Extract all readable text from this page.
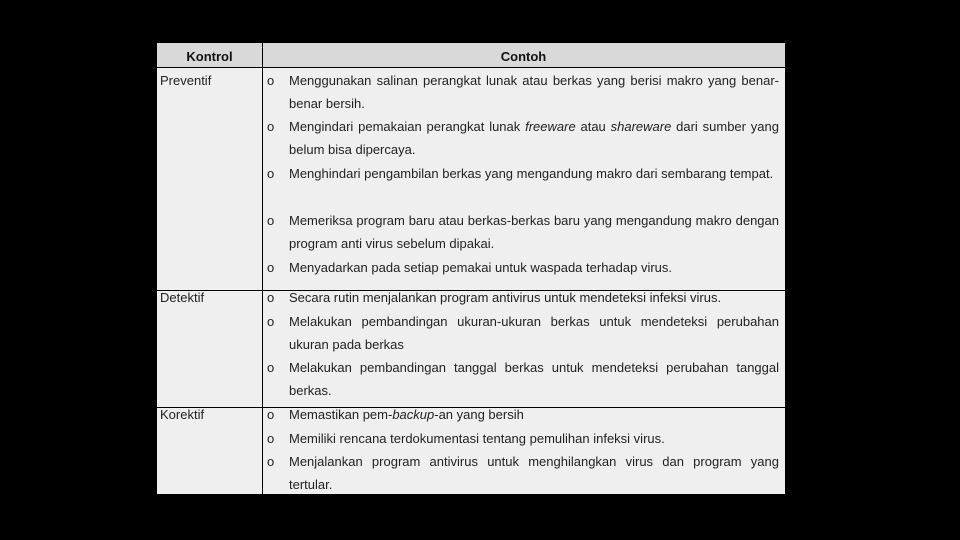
Kontrol	Contoh
Preventif	o	Menggunakan salinan perangkat lunak atau berkas yang berisi makro yang benar-benar bersih.
o	Mengindari pemakaian perangkat lunak freeware atau shareware dari sumber yang belum bisa dipercaya.
o	Menghindari pengambilan berkas yang mengandung makro dari sembarang tempat.
o	Memeriksa program baru atau berkas-berkas baru yang mengandung makro dengan program anti virus sebelum dipakai.
o	Menyadarkan pada setiap pemakai untuk waspada terhadap virus.
Detektif	o	Secara rutin menjalankan program antivirus untuk mendeteksi infeksi virus.
o	Melakukan pembandingan ukuran-ukuran berkas untuk mendeteksi perubahan ukuran pada berkas
o	Melakukan pembandingan tanggal berkas untuk mendeteksi perubahan tanggal berkas.
Korektif	o	Memastikan pem-backup-an yang bersih
o	Memiliki rencana terdokumentasi tentang pemulihan infeksi virus.
o	Menjalankan program antivirus untuk menghilangkan virus dan program yang tertular.
